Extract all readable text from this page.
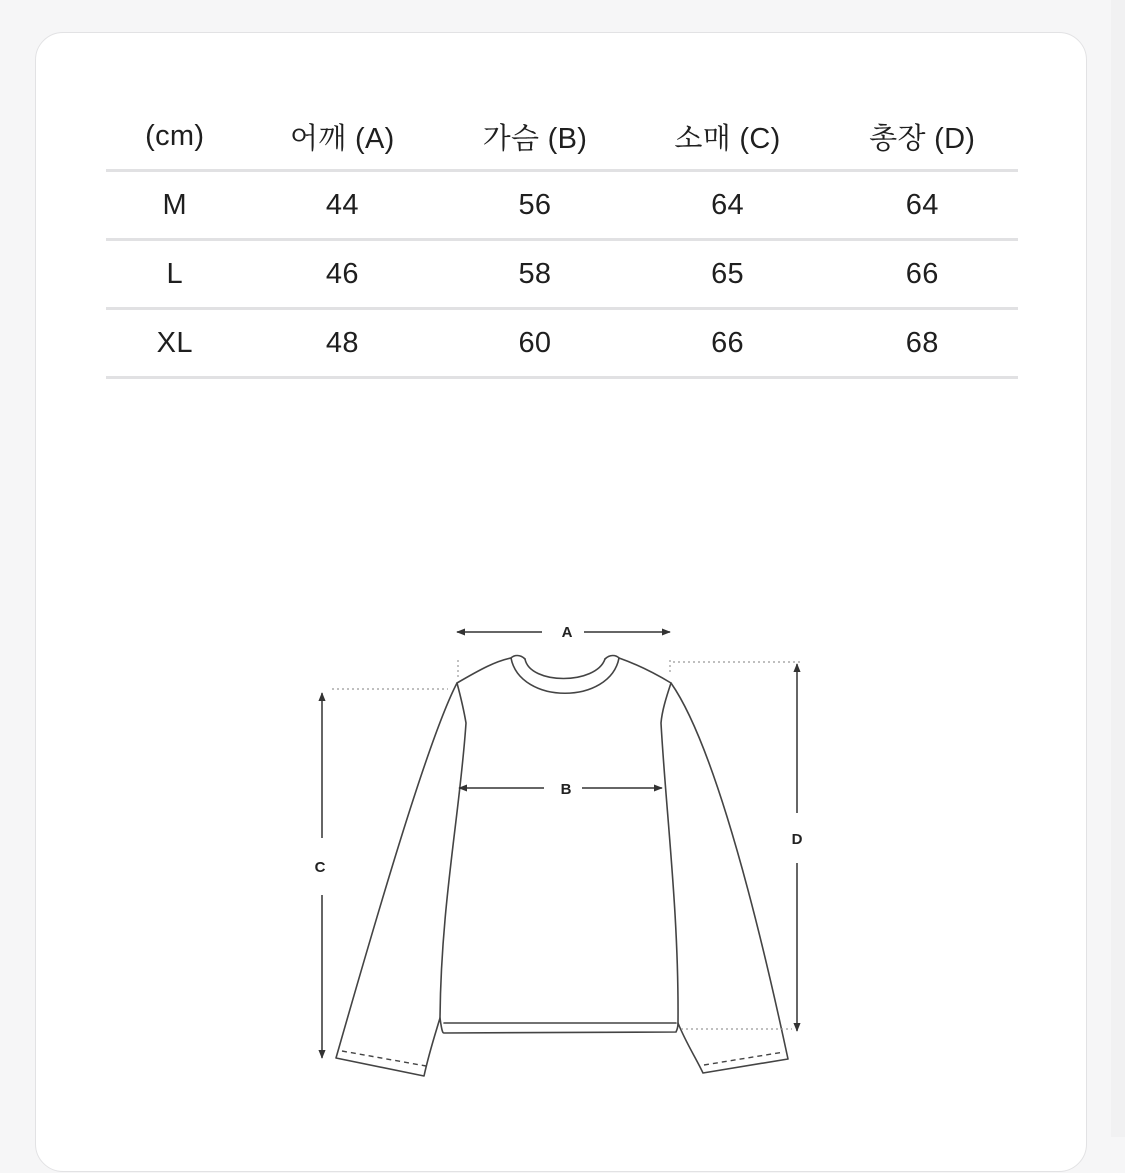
(cm)	어깨 (A)	가슴 (B)	소매 (C)	총장 (D)
M	44	56	64	64
L	46	58	65	66
XL	48	60	66	68
A
B
C
D
